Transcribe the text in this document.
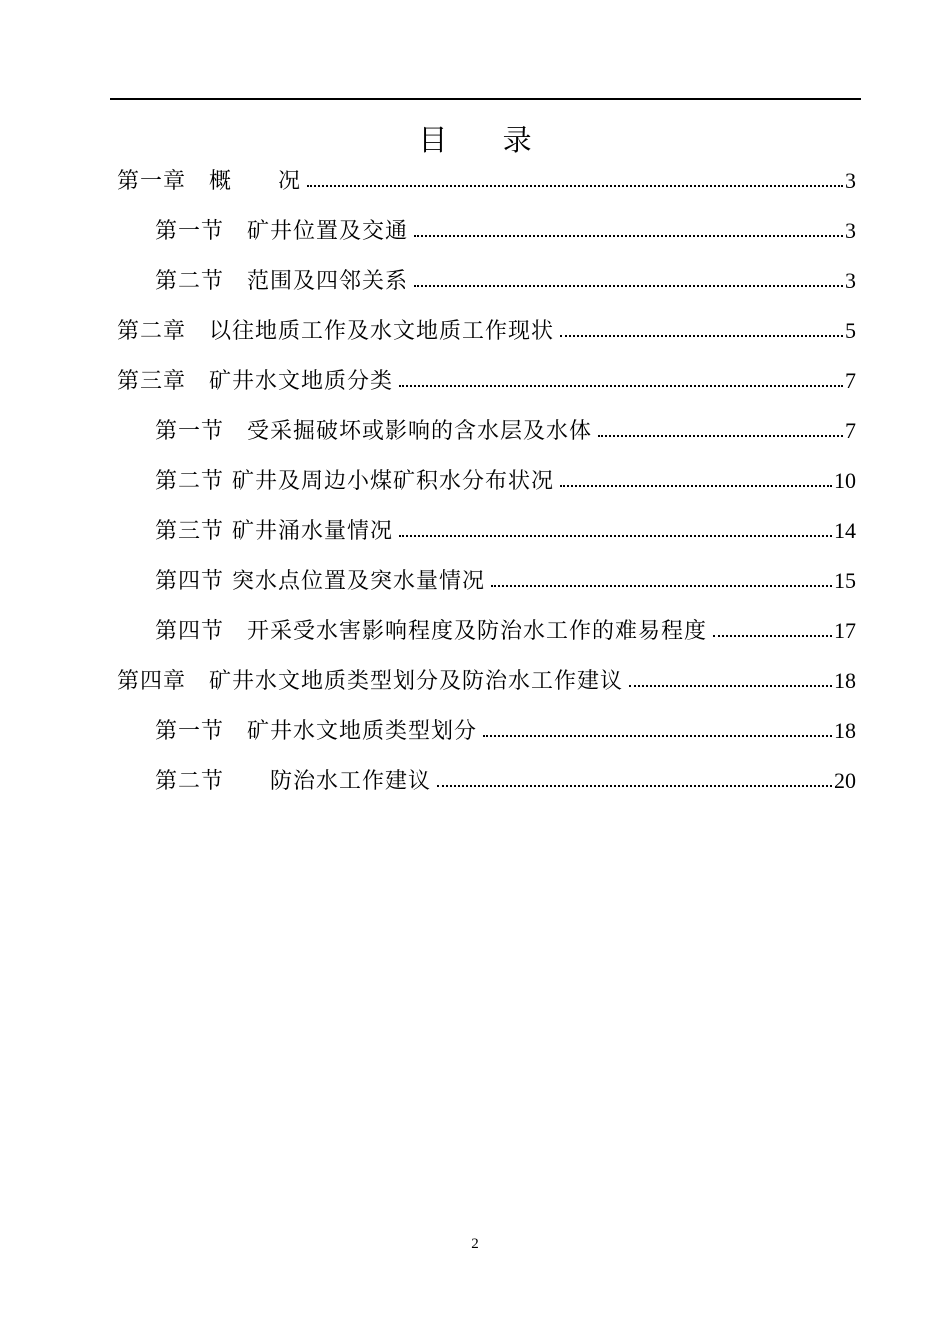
目      录
第一章　概　　况	3
第一节　矿井位置及交通	3
第二节　范围及四邻关系	3
第二章　以往地质工作及水文地质工作现状	5
第三章　矿井水文地质分类	7
第一节　受采掘破坏或影响的含水层及水体	7
第二节 矿井及周边小煤矿积水分布状况	10
第三节 矿井涌水量情况	14
第四节 突水点位置及突水量情况	15
第四节　开采受水害影响程度及防治水工作的难易程度	17
第四章　矿井水文地质类型划分及防治水工作建议	18
第一节　矿井水文地质类型划分	18
第二节　　防治水工作建议	20
2
